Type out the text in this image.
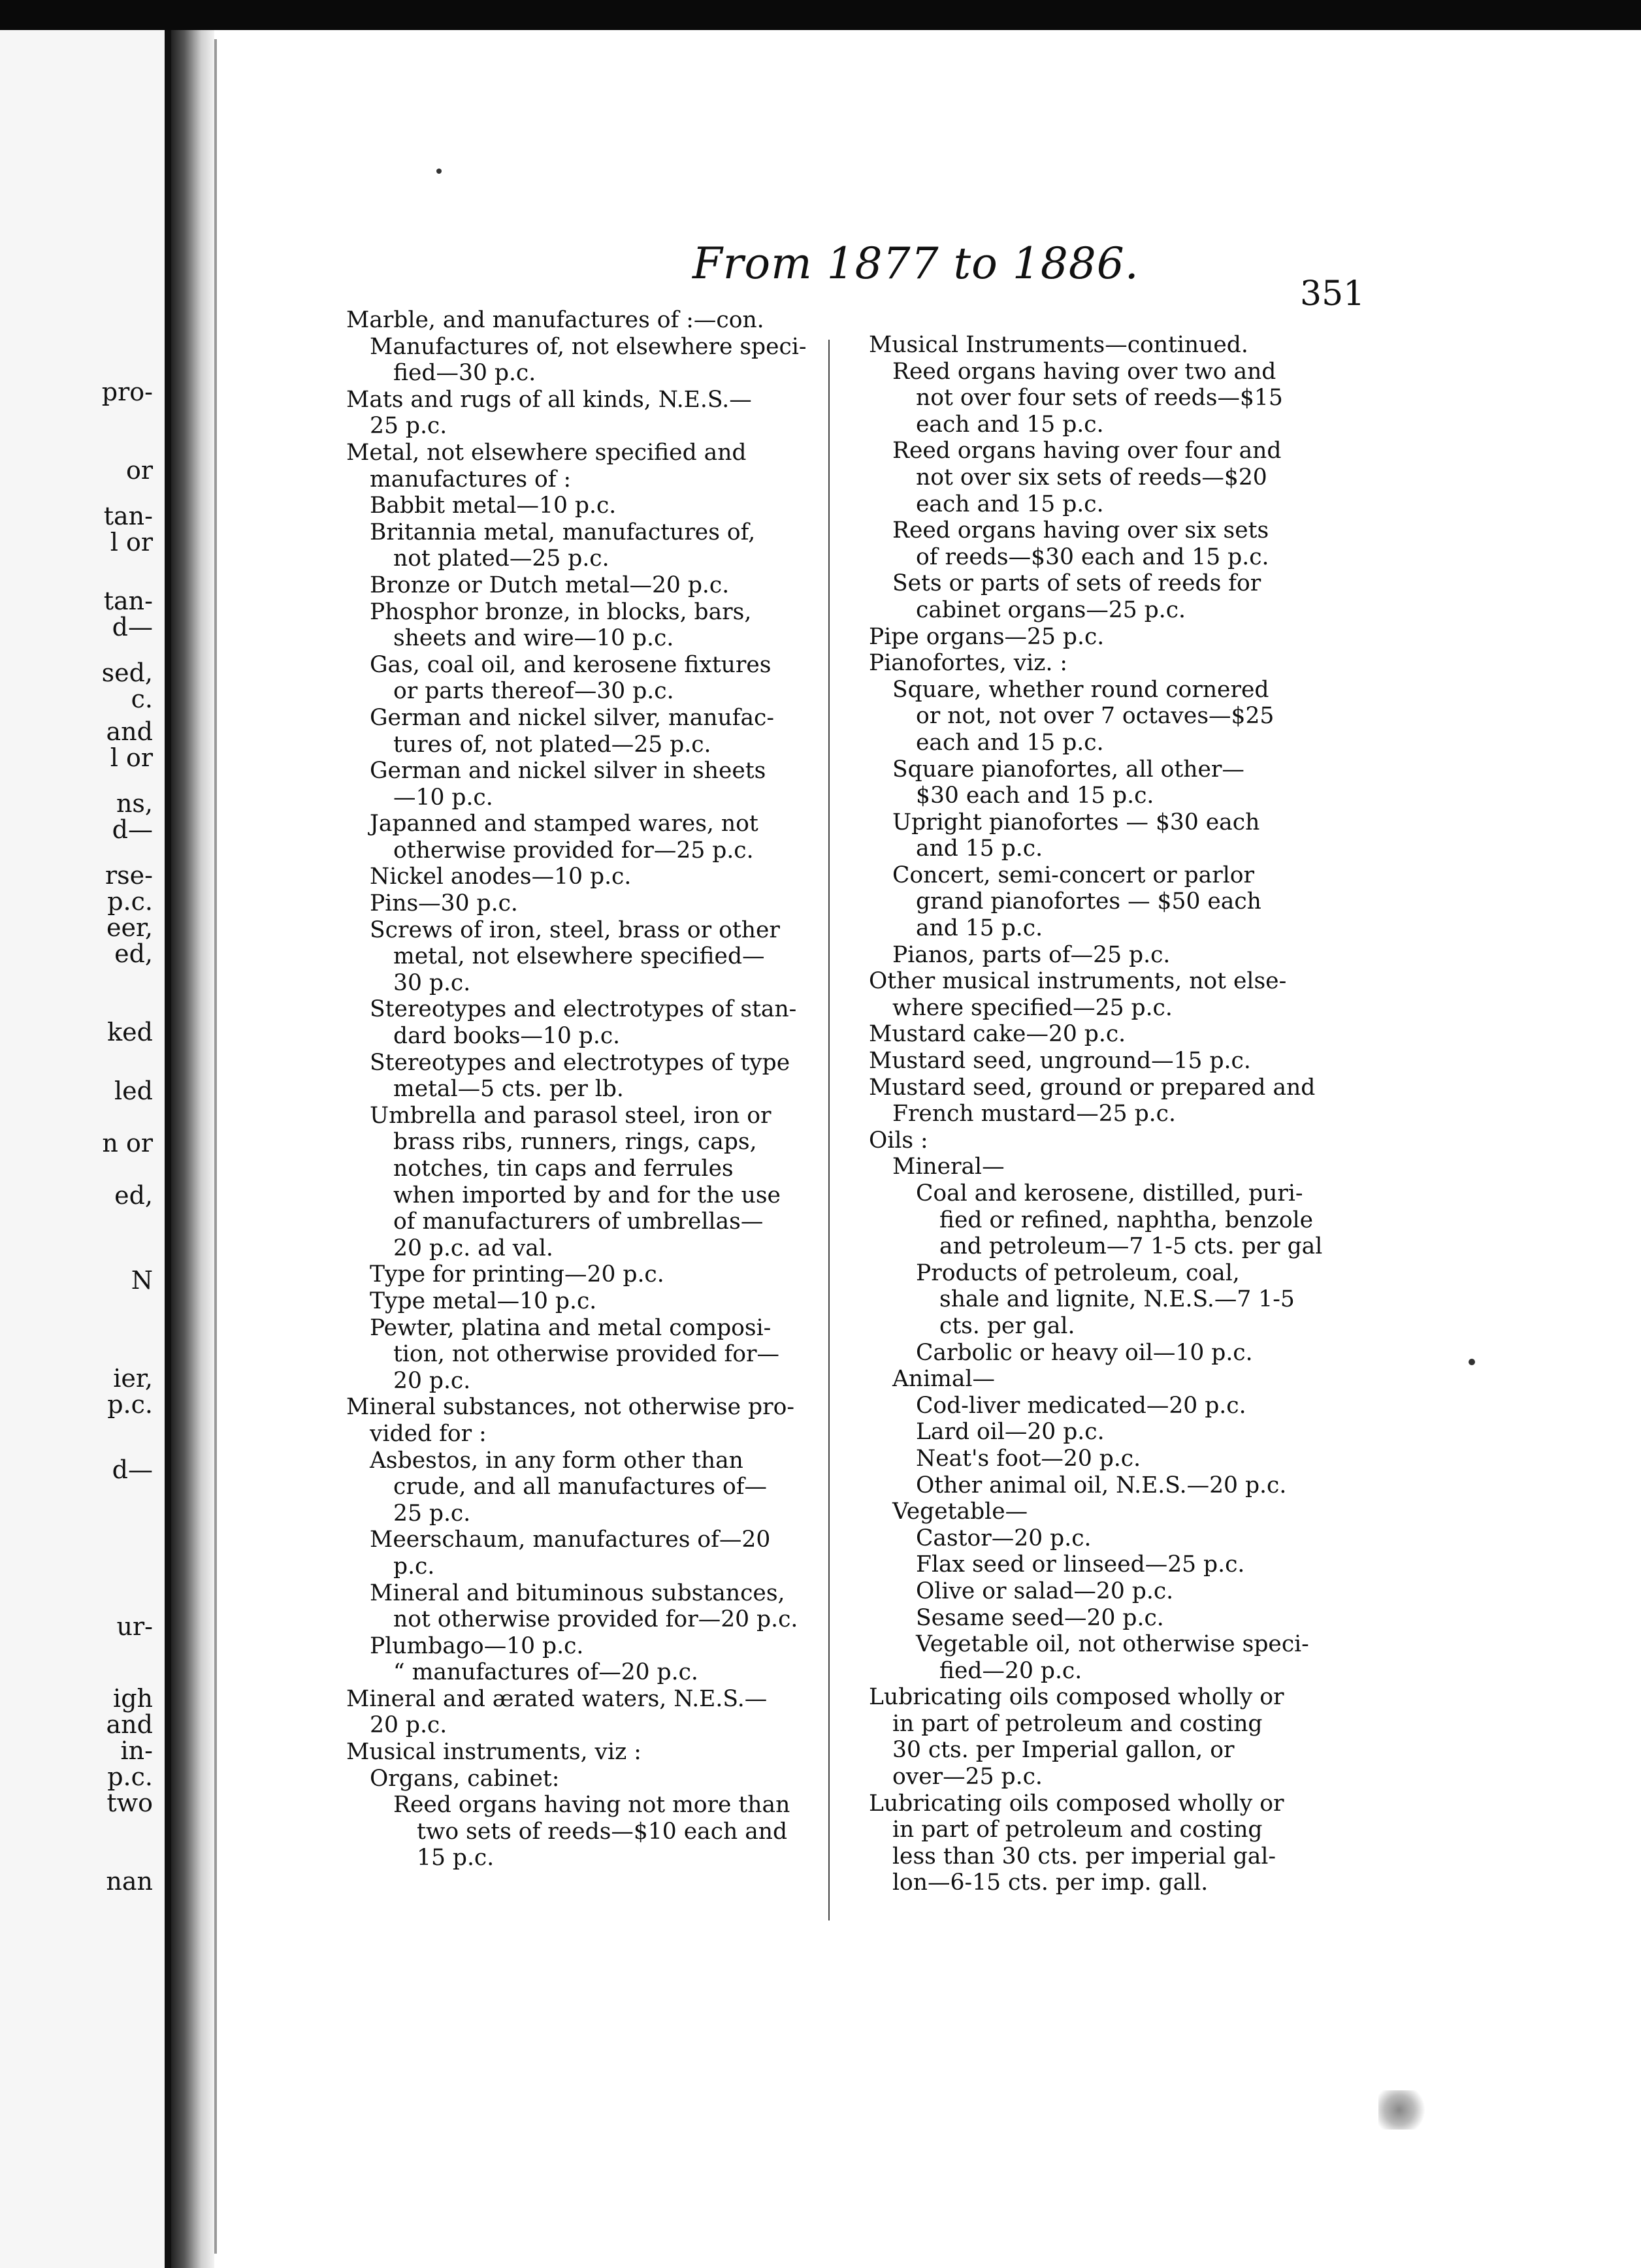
pro-
or
tan-
l or
tan-
d—
sed,
c.
and
l or
ns,
d—
rse-
p.c.
eer,
ed,
ked
led
n or
ed,
N
ier,
p.c.
d—
ur-
igh
and
in-
p.c.
two
nan
From 1877 to 1886.
351
Marble, and manufactures of :—con.
Manufactures of, not elsewhere speci-
fied—30 p.c.
Mats and rugs of all kinds, N.E.S.—
25 p.c.
Metal, not elsewhere specified and
manufactures of :
Babbit metal—10 p.c.
Britannia metal, manufactures of,
not plated—25 p.c.
Bronze or Dutch metal—20 p.c.
Phosphor bronze, in blocks, bars,
sheets and wire—10 p.c.
Gas, coal oil, and kerosene fixtures
or parts thereof—30 p.c.
German and nickel silver, manufac-
tures of, not plated—25 p.c.
German and nickel silver in sheets
—10 p.c.
Japanned and stamped wares, not
otherwise provided for—25 p.c.
Nickel anodes—10 p.c.
Pins—30 p.c.
Screws of iron, steel, brass or other
metal, not elsewhere specified—
30 p.c.
Stereotypes and electrotypes of stan-
dard books—10 p.c.
Stereotypes and electrotypes of type
metal—5 cts. per lb.
Umbrella and parasol steel, iron or
brass ribs, runners, rings, caps,
notches, tin caps and ferrules
when imported by and for the use
of manufacturers of umbrellas—
20 p.c. ad val.
Type for printing—20 p.c.
Type metal—10 p.c.
Pewter, platina and metal composi-
tion, not otherwise provided for—
20 p.c.
Mineral substances, not otherwise pro-
vided for :
Asbestos, in any form other than
crude, and all manufactures of—
25 p.c.
Meerschaum, manufactures of—20
p.c.
Mineral and bituminous substances,
not otherwise provided for—20 p.c.
Plumbago—10 p.c.
“ manufactures of—20 p.c.
Mineral and ærated waters, N.E.S.—
20 p.c.
Musical instruments, viz :
Organs, cabinet:
Reed organs having not more than
two sets of reeds—$10 each and
15 p.c.
Musical Instruments—continued.
Reed organs having over two and
not over four sets of reeds—$15
each and 15 p.c.
Reed organs having over four and
not over six sets of reeds—$20
each and 15 p.c.
Reed organs having over six sets
of reeds—$30 each and 15 p.c.
Sets or parts of sets of reeds for
cabinet organs—25 p.c.
Pipe organs—25 p.c.
Pianofortes, viz. :
Square, whether round cornered
or not, not over 7 octaves—$25
each and 15 p.c.
Square pianofortes, all other—
$30 each and 15 p.c.
Upright pianofortes — $30 each
and 15 p.c.
Concert, semi-concert or parlor
grand pianofortes — $50 each
and 15 p.c.
Pianos, parts of—25 p.c.
Other musical instruments, not else-
where specified—25 p.c.
Mustard cake—20 p.c.
Mustard seed, unground—15 p.c.
Mustard seed, ground or prepared and
French mustard—25 p.c.
Oils :
Mineral—
Coal and kerosene, distilled, puri-
fied or refined, naphtha, benzole
and petroleum—7 1-5 cts. per gal
Products of petroleum, coal,
shale and lignite, N.E.S.—7 1-5
cts. per gal.
Carbolic or heavy oil—10 p.c.
Animal—
Cod-liver medicated—20 p.c.
Lard oil—20 p.c.
Neat's foot—20 p.c.
Other animal oil, N.E.S.—20 p.c.
Vegetable—
Castor—20 p.c.
Flax seed or linseed—25 p.c.
Olive or salad—20 p.c.
Sesame seed—20 p.c.
Vegetable oil, not otherwise speci-
fied—20 p.c.
Lubricating oils composed wholly or
in part of petroleum and costing
30 cts. per Imperial gallon, or
over—25 p.c.
Lubricating oils composed wholly or
in part of petroleum and costing
less than 30 cts. per imperial gal-
lon—6-15 cts. per imp. gall.
